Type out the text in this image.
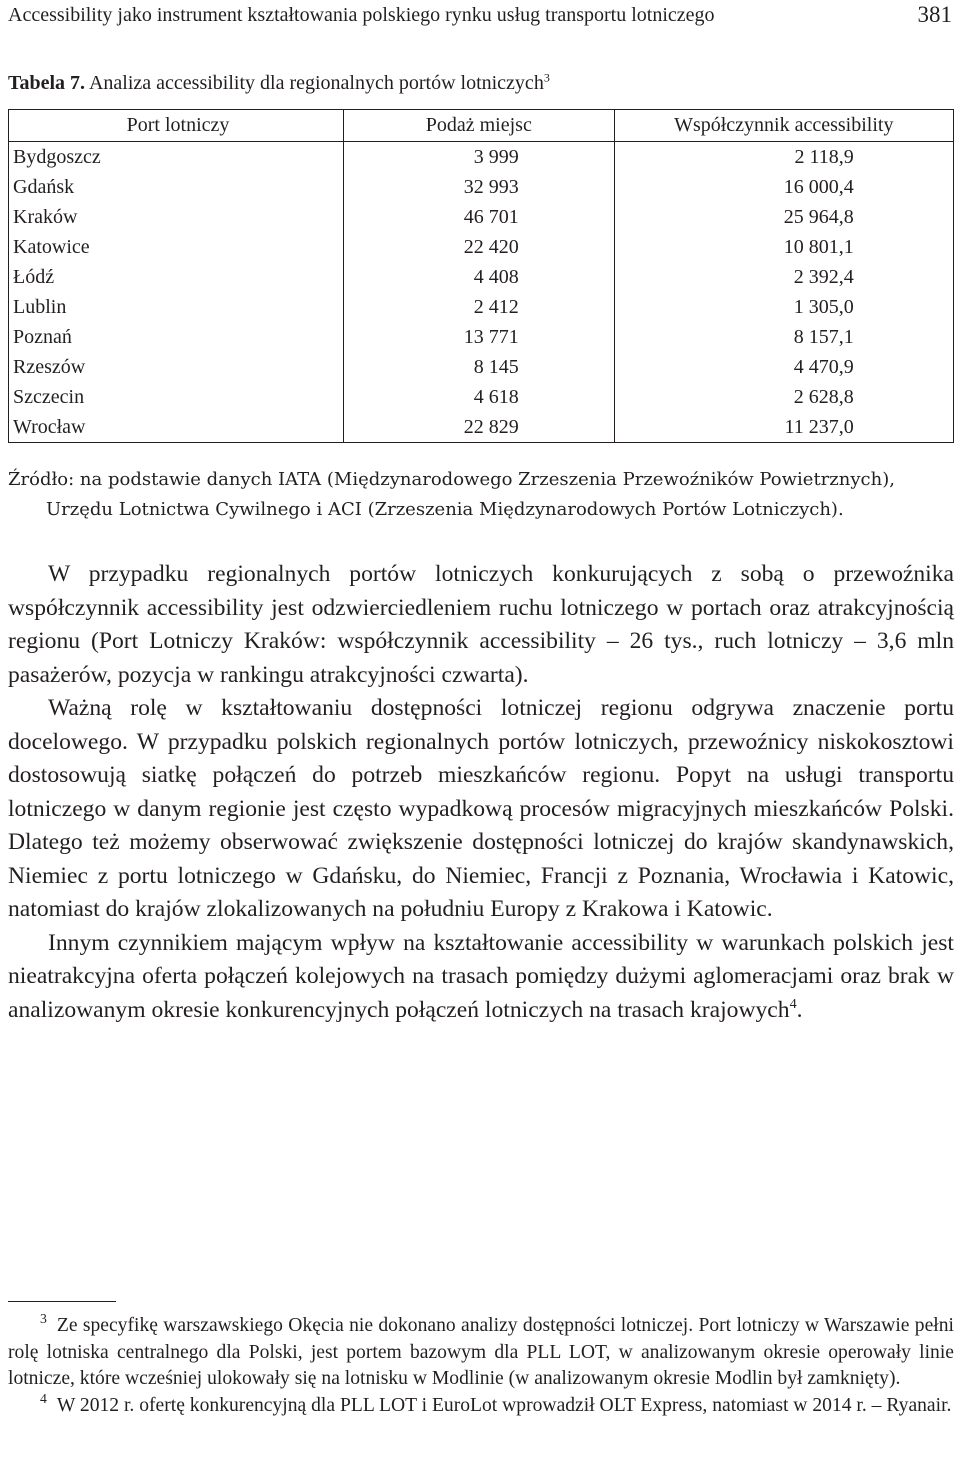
Accessibility jako instrument kształtowania polskiego rynku usług transportu lotniczego	381
Tabela 7. Analiza accessibility dla regionalnych portów lotniczych$^3$
Port lotniczy	Podaż miejsc	Współczynnik accessibility
Bydgoszcz	3 999	2 118,9
Gdańsk	32 993	16 000,4
Kraków	46 701	25 964,8
Katowice	22 420	10 801,1
Łódź	4 408	2 392,4
Lublin	2 412	1 305,0
Poznań	13 771	8 157,1
Rzeszów	8 145	4 470,9
Szczecin	4 618	2 628,8
Wrocław	22 829	11 237,0
Źródło: na podstawie danych IATA (Międzynarodowego Zrzeszenia Przewoźników Powietrznych),
Urzędu Lotnictwa Cywilnego i ACI (Zrzeszenia Międzynarodowych Portów Lotniczych).

W przypadku regionalnych portów lotniczych konkurujących z sobą o przewoźnika współczynnik accessibility jest odzwierciedleniem ruchu lotniczego w portach oraz atrakcyjnością regionu (Port Lotniczy Kraków: współczynnik accessibility – 26 tys., ruch lotniczy – 3,6 mln pasażerów, pozycja w rankingu atrakcyjności czwarta).

Ważną rolę w kształtowaniu dostępności lotniczej regionu odgrywa znaczenie portu docelowego. W przypadku polskich regionalnych portów lotniczych, przewoźnicy niskokosztowi dostosowują siatkę połączeń do potrzeb mieszkańców regionu. Popyt na usługi transportu lotniczego w danym regionie jest często wypadkową procesów migracyjnych mieszkańców Polski. Dlatego też możemy obserwować zwiększenie dostępności lotniczej do krajów skandynawskich, Niemiec z portu lotniczego w Gdańsku, do Niemiec, Francji z Poznania, Wrocławia i Katowic, natomiast do krajów zlokalizowanych na południu Europy z Krakowa i Katowic.

Innym czynnikiem mającym wpływ na kształtowanie accessibility w warunkach polskich jest nieatrakcyjna oferta połączeń kolejowych na trasach pomiędzy dużymi aglomeracjami oraz brak w analizowanym okresie konkurencyjnych połączeń lotniczych na trasach krajowych$^4$.

$^3$ Ze specyfikę warszawskiego Okęcia nie dokonano analizy dostępności lotniczej. Port lotniczy w Warszawie pełni rolę lotniska centralnego dla Polski, jest portem bazowym dla PLL LOT, w analizowanym okresie operowały linie lotnicze, które wcześniej ulokowały się na lotnisku w Modlinie (w analizowanym okresie Modlin był zamknięty).

$^4$ W 2012 r. ofertę konkurencyjną dla PLL LOT i EuroLot wprowadził OLT Express, natomiast w 2014 r. – Ryanair.
